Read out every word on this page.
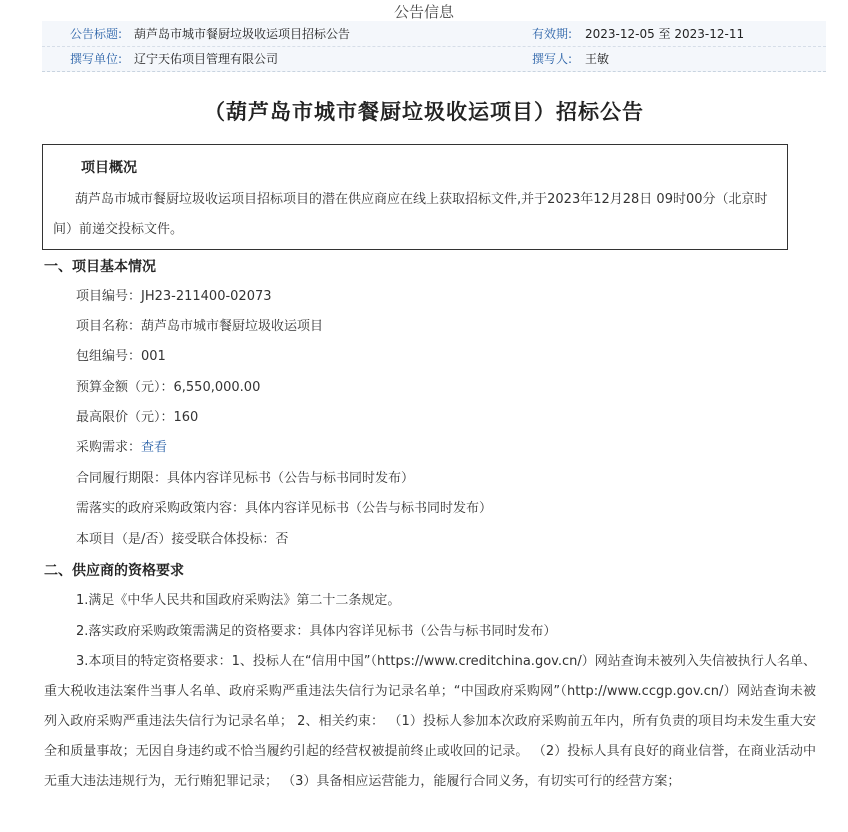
公告信息
公告标题: 葫芦岛市城市餐厨垃圾收运项目招标公告	有效期: 2023-12-05 至 2023-12-11
撰写单位: 辽宁天佑项目管理有限公司	撰写人: 王敏
（葫芦岛市城市餐厨垃圾收运项目）招标公告
项目概况
葫芦岛市城市餐厨垃圾收运项目招标项目的潜在供应商应在线上获取招标文件,并于2023年12月28日 09时00分（北京时间）前递交投标文件。
一、项目基本情况
项目编号：JH23-211400-02073
项目名称：葫芦岛市城市餐厨垃圾收运项目
包组编号：001
预算金额（元）：6,550,000.00
最高限价（元）：160
采购需求：查看
合同履行期限：具体内容详见标书（公告与标书同时发布）
需落实的政府采购政策内容：具体内容详见标书（公告与标书同时发布）
本项目（是/否）接受联合体投标：否
二、供应商的资格要求
1.满足《中华人民共和国政府采购法》第二十二条规定。
2.落实政府采购政策需满足的资格要求：具体内容详见标书（公告与标书同时发布）
3.本项目的特定资格要求：1、投标人在“信用中国”（https://www.creditchina.gov.cn/）网站查询未被列入失信被执行人名单、重大税收违法案件当事人名单、政府采购严重违法失信行为记录名单；“中国政府采购网”（http://www.ccgp.gov.cn/）网站查询未被列入政府采购严重违法失信行为记录名单； 2、相关约束： （1）投标人参加本次政府采购前五年内，所有负责的项目均未发生重大安全和质量事故；无因自身违约或不恰当履约引起的经营权被提前终止或收回的记录。 （2）投标人具有良好的商业信誉，在商业活动中无重大违法违规行为，无行贿犯罪记录； （3）具备相应运营能力，能履行合同义务，有切实可行的经营方案；
